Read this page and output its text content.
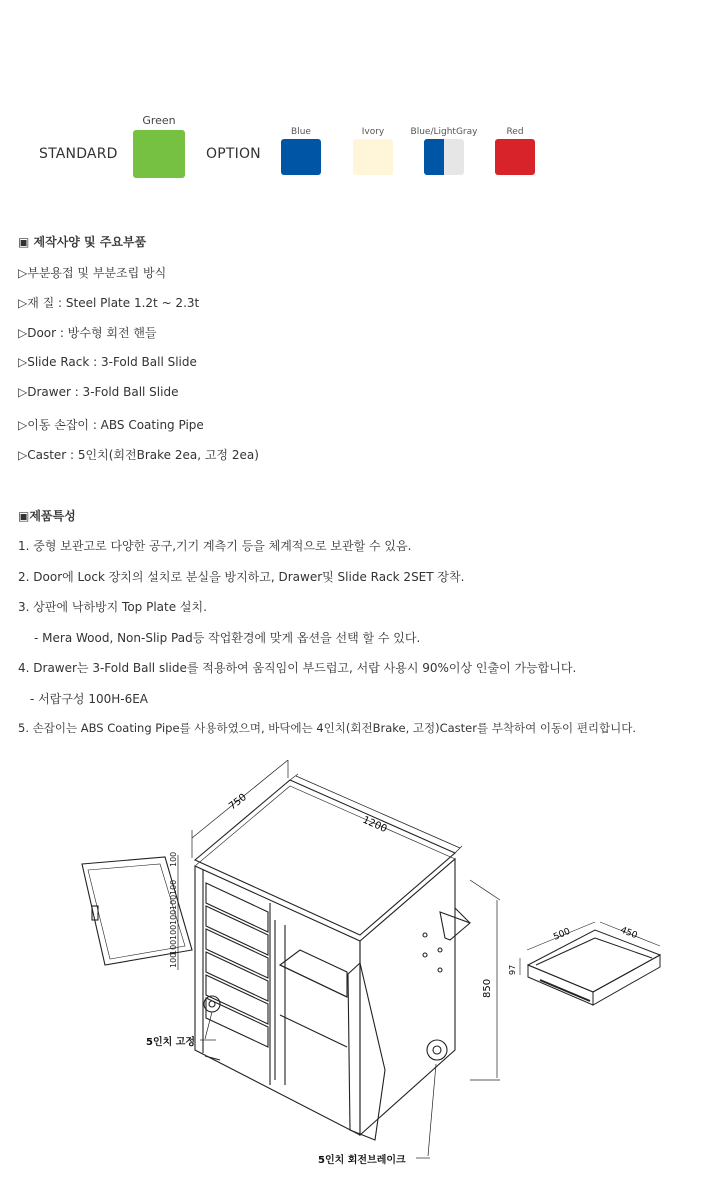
STANDARD
Green
OPTION
Blue	Ivory	Blue/LightGray	Red
▣ 제작사양 및 주요부품
▷부분용접 및 부분조립 방식
▷재 질 : Steel Plate 1.2t ~ 2.3t
▷Door : 방수형 회전 핸들
▷Slide Rack : 3-Fold Ball Slide
▷Drawer : 3-Fold Ball Slide
▷이동 손잡이 : ABS Coating Pipe
▷Caster : 5인치(회전Brake 2ea, 고정 2ea)
▣제품특성
1. 중형 보관고로 다양한 공구,기기 계측기 등을 체계적으로 보관할 수 있음.
2. Door에 Lock 장치의 설치로 분실을 방지하고, Drawer및 Slide Rack 2SET 장착.
3. 상판에 낙하방지 Top Plate 설치.
- Mera Wood, Non-Slip Pad등 작업환경에 맞게 옵션을 선택 할 수 있다.
4. Drawer는 3-Fold Ball slide를 적용하여 움직임이 부드럽고, 서랍 사용시 90%이상 인출이 가능합니다.
- 서랍구성 100H-6EA
5. 손잡이는 ABS Coating Pipe를 사용하였으며, 바닥에는 4인치(회전Brake, 고정)Caster를 부착하여 이동이 편리합니다.
750
1200
850
100
100
100
100
100
100
100
500	450
97
5인치 고정
5인치 회전브레이크
